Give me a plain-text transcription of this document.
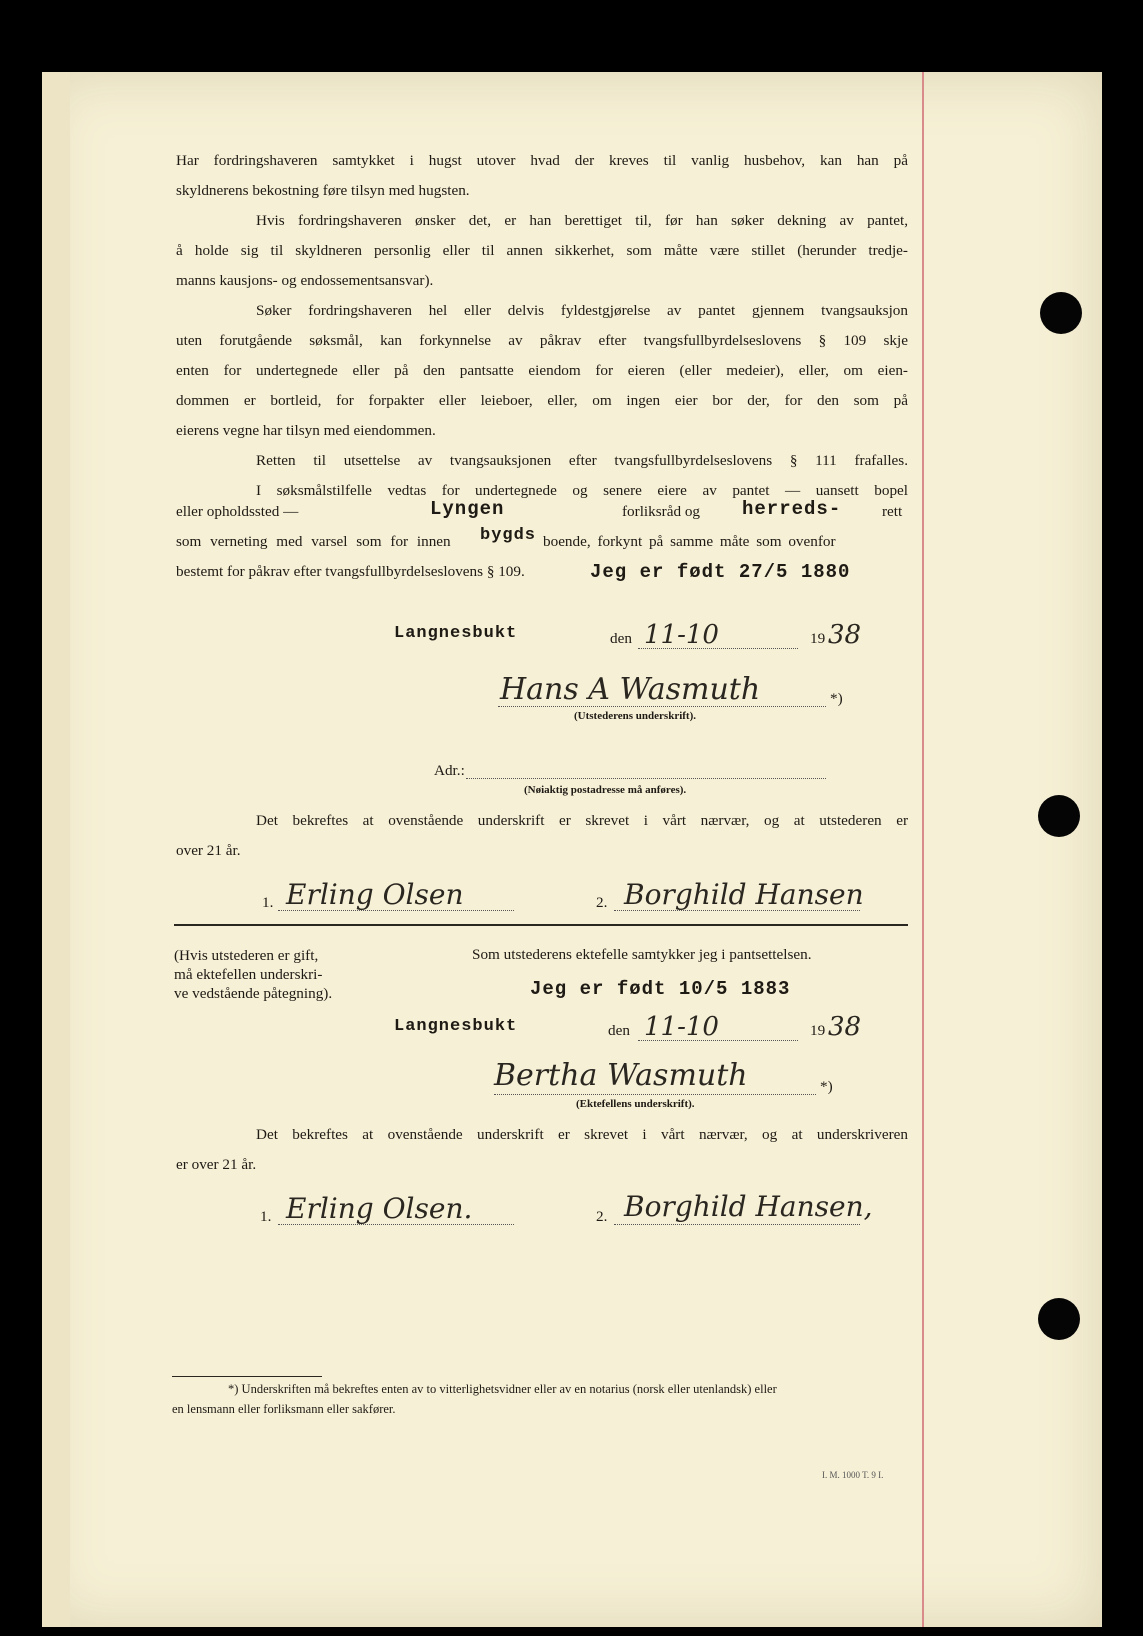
Har fordringshaveren samtykket i hugst utover hvad der kreves til vanlig husbehov, kan han på
skyldnerens bekostning føre tilsyn med hugsten.
Hvis fordringshaveren ønsker det, er han berettiget til, før han søker dekning av pantet,
å holde sig til skyldneren personlig eller til annen sikkerhet, som måtte være stillet (herunder tredje-
manns kausjons- og endossementsansvar).
Søker fordringshaveren hel eller delvis fyldestgjørelse av pantet gjennem tvangsauksjon
uten forutgående søksmål, kan forkynnelse av påkrav efter tvangsfullbyrdelseslovens § 109 skje
enten for undertegnede eller på den pantsatte eiendom for eieren (eller medeier), eller, om eien-
dommen er bortleid, for forpakter eller leieboer, eller, om ingen eier bor der, for den som på
eierens vegne har tilsyn med eiendommen.
Retten til utsettelse av tvangsauksjonen efter tvangsfullbyrdelseslovens § 111 frafalles.
I søksmålstilfelle vedtas for undertegnede og senere eiere av pantet — uansett bopel
eller opholdssted —	Lyngen	forliksråd og herreds-	rett
som verneting med varsel som for innen bygds boende, forkynt på samme måte som ovenfor
bestemt for påkrav efter tvangsfullbyrdelseslovens § 109.	Jeg er født 27/5 1880
Langnesbukt	den 11-10	19 38
Hans A Wasmuth	*)
(Utstederens underskrift).
Adr.:
(Nøiaktig postadresse må anføres).
Det bekreftes at ovenstående underskrift er skrevet i vårt nærvær, og at utstederen er
over 21 år.
1. Erling Olsen	2. Borghild Hansen
(Hvis utstederen er gift,
må ektefellen underskri-
ve vedstående påtegning).
Som utstederens ektefelle samtykker jeg i pantsettelsen.
Jeg er født 10/5 1883
Langnesbukt	den 11-10	19 38
Bertha Wasmuth	*)
(Ektefellens underskrift).
Det bekreftes at ovenstående underskrift er skrevet i vårt nærvær, og at underskriveren
er over 21 år.
1. Erling Olsen.	2. Borghild Hansen,
*) Underskriften må bekreftes enten av to vitterlighetsvidner eller av en notarius (norsk eller utenlandsk) eller
en lensmann eller forliksmann eller sakfører.
I. M. 1000 T. 9 I.
